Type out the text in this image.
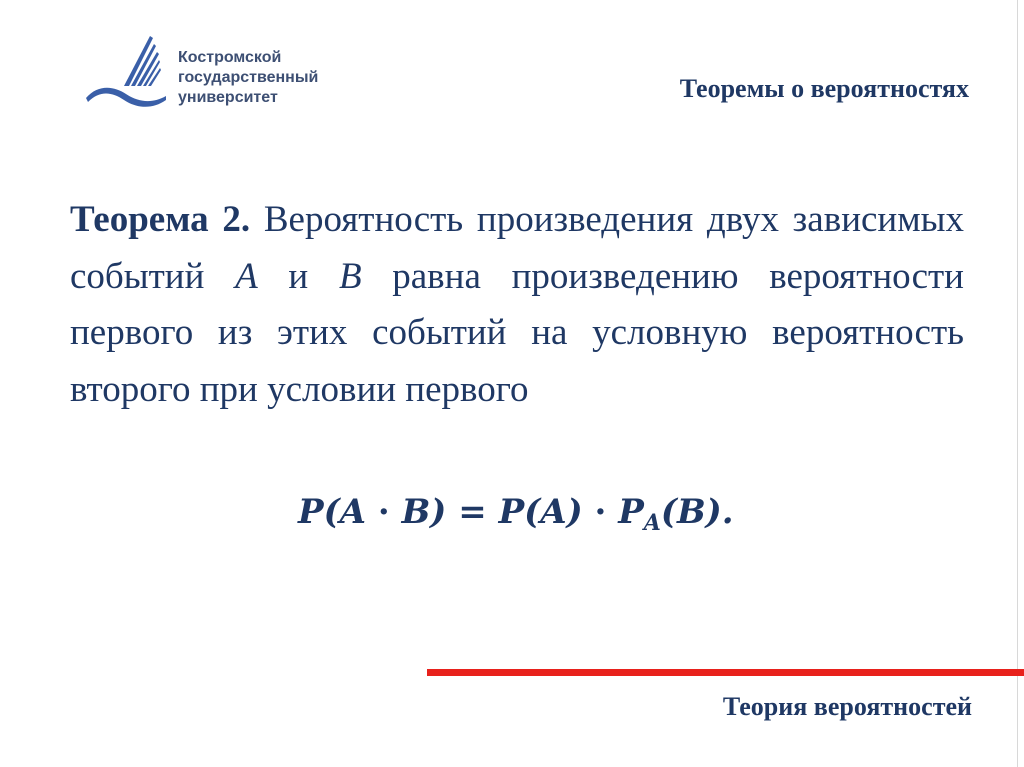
Костромской
государственный
университет	Теоремы о вероятностях
Теорема 2. Вероятность произведения двух зависимых событий A и B равна произведению вероятности первого из этих событий на условную вероятность второго при условии первого
$P(A \cdot B) = P(A) \cdot P_A(B)$.
Теория вероятностей
